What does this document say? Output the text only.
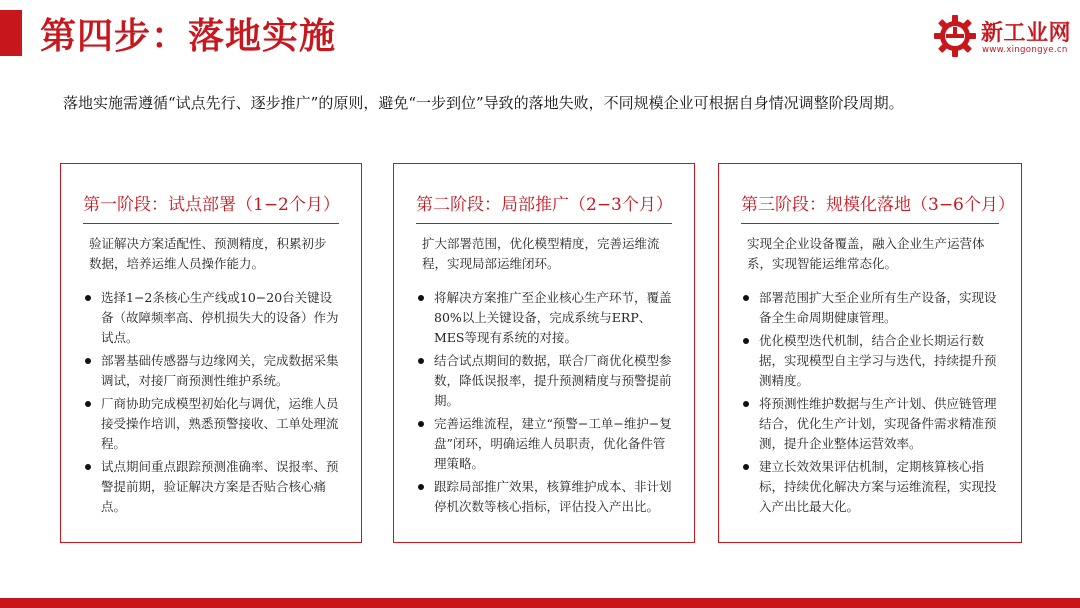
第四步：落地实施	新工业网
www.xingongye.cn

落地实施需遵循“试点先行、逐步推广”的原则，避免“一步到位”导致的落地失败，不同规模企业可根据自身情况调整阶段周期。

第一阶段：试点部署（1−2个月）
验证解决方案适配性、预测精度，积累初步数据，培养运维人员操作能力。
选择1−2条核心生产线或10−20台关键设备（故障频率高、停机损失大的设备）作为试点。
部署基础传感器与边缘网关，完成数据采集调试，对接厂商预测性维护系统。
厂商协助完成模型初始化与调优，运维人员接受操作培训，熟悉预警接收、工单处理流程。
试点期间重点跟踪预测准确率、误报率、预警提前期，验证解决方案是否贴合核心痛点。
第二阶段：局部推广（2−3个月）
扩大部署范围，优化模型精度，完善运维流程，实现局部运维闭环。
将解决方案推广至企业核心生产环节，覆盖80%以上关键设备，完成系统与ERP、MES等现有系统的对接。
结合试点期间的数据，联合厂商优化模型参数，降低误报率，提升预测精度与预警提前期。
完善运维流程，建立“预警−工单−维护−复盘”闭环，明确运维人员职责，优化备件管理策略。
跟踪局部推广效果，核算维护成本、非计划停机次数等核心指标，评估投入产出比。
第三阶段：规模化落地（3−6个月）
实现全企业设备覆盖，融入企业生产运营体系，实现智能运维常态化。
部署范围扩大至企业所有生产设备，实现设备全生命周期健康管理。
优化模型迭代机制，结合企业长期运行数据，实现模型自主学习与迭代，持续提升预测精度。
将预测性维护数据与生产计划、供应链管理结合，优化生产计划，实现备件需求精准预测，提升企业整体运营效率。
建立长效效果评估机制，定期核算核心指标，持续优化解决方案与运维流程，实现投入产出比最大化。
